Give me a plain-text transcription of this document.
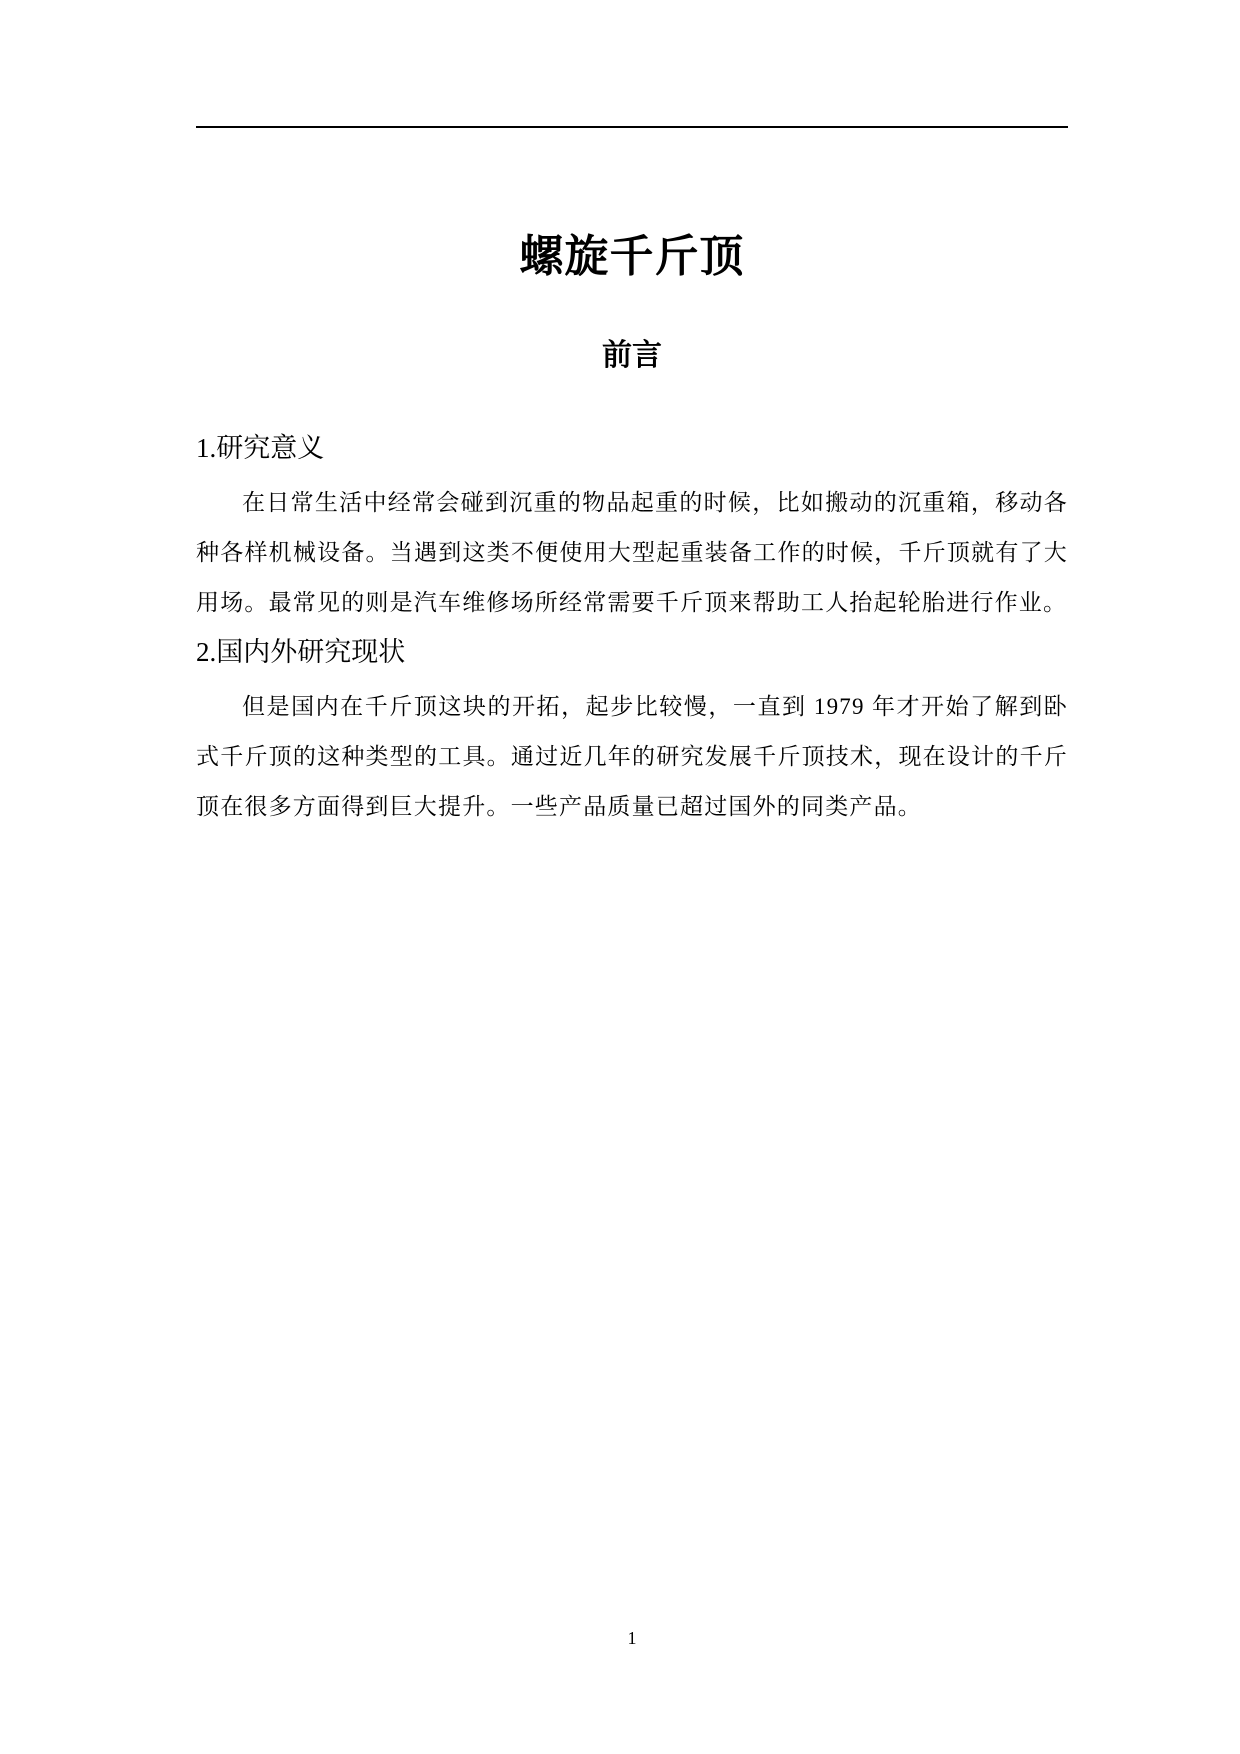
螺旋千斤顶
前言
1.研究意义

在日常生活中经常会碰到沉重的物品起重的时候，比如搬动的沉重箱，移动各种各样机械设备。当遇到这类不便使用大型起重装备工作的时候，千斤顶就有了大用场。最常见的则是汽车维修场所经常需要千斤顶来帮助工人抬起轮胎进行作业。

2.国内外研究现状

但是国内在千斤顶这块的开拓，起步比较慢，一直到 1979 年才开始了解到卧式千斤顶的这种类型的工具。通过近几年的研究发展千斤顶技术，现在设计的千斤顶在很多方面得到巨大提升。一些产品质量已超过国外的同类产品。

1
